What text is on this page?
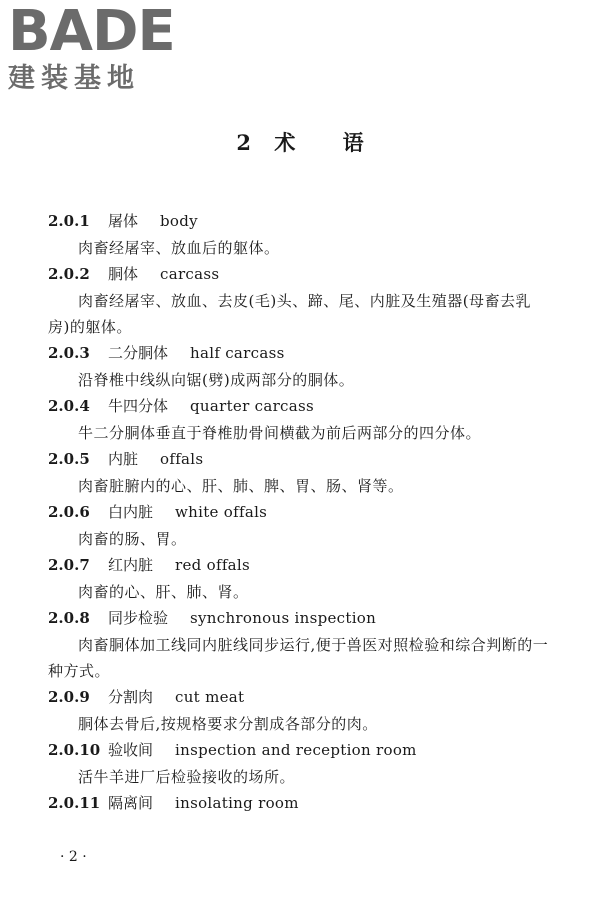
BADE
建装基地
2 术 语
2.0.1 屠体 body
肉畜经屠宰、放血后的躯体。
2.0.2 胴体 carcass
肉畜经屠宰、放血、去皮(毛)头、蹄、尾、内脏及生殖器(母畜去乳房)的躯体。
2.0.3 二分胴体 half carcass
沿脊椎中线纵向锯(劈)成两部分的胴体。
2.0.4 牛四分体 quarter carcass
牛二分胴体垂直于脊椎肋骨间横截为前后两部分的四分体。
2.0.5 内脏 offals
肉畜脏腑内的心、肝、肺、脾、胃、肠、肾等。
2.0.6 白内脏 white offals
肉畜的肠、胃。
2.0.7 红内脏 red offals
肉畜的心、肝、肺、肾。
2.0.8 同步检验 synchronous inspection
肉畜胴体加工线同内脏线同步运行,便于兽医对照检验和综合判断的一种方式。
2.0.9 分割肉 cut meat
胴体去骨后,按规格要求分割成各部分的肉。
2.0.10 验收间 inspection and reception room
活牛羊进厂后检验接收的场所。
2.0.11 隔离间 insolating room
· 2 ·
